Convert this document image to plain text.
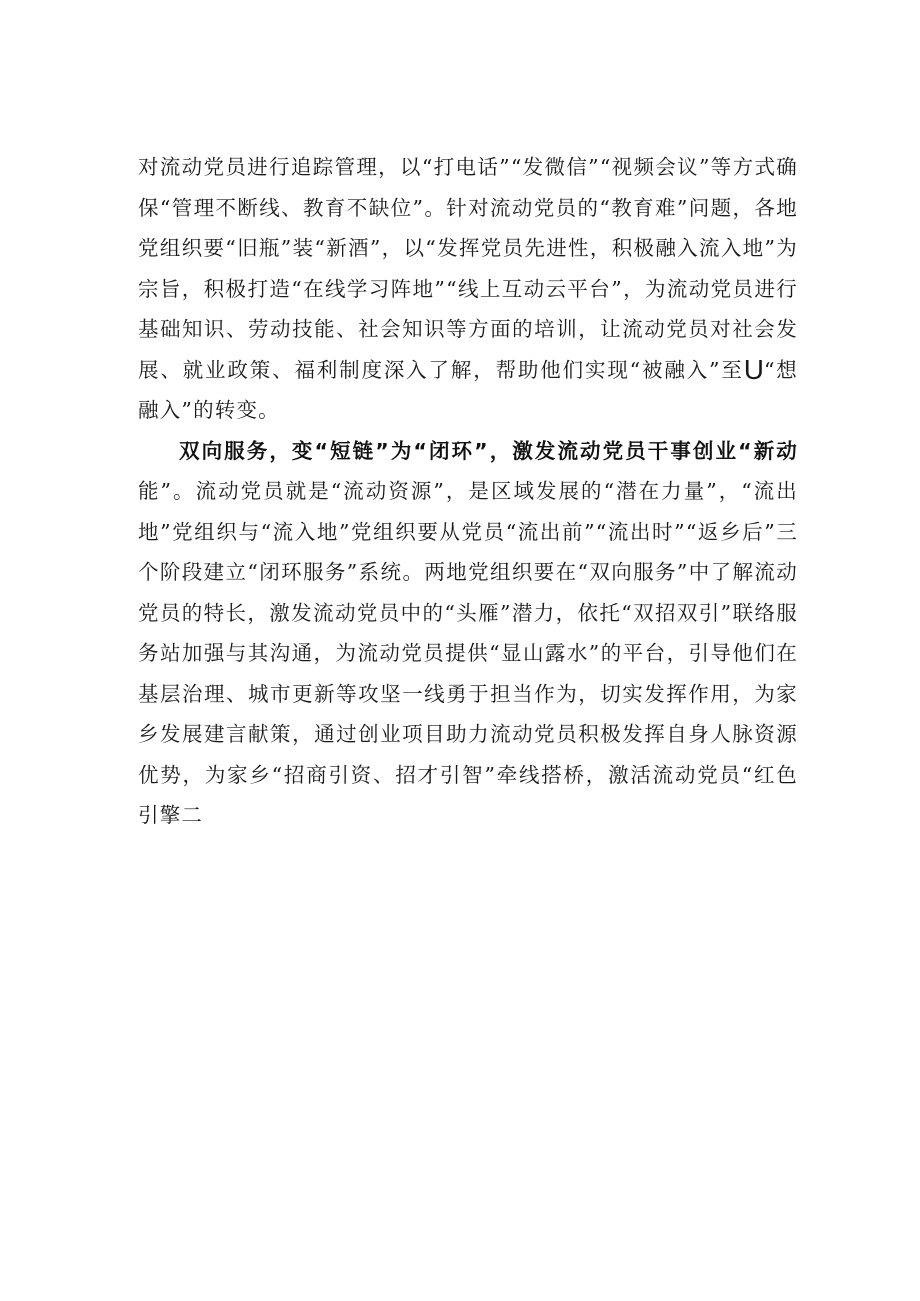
对流动党员进行追踪管理，以“打电话”“发微信”“视频会议”等方式确保“管理不断线、教育不缺位”。针对流动党员的“教育难”问题，各地党组织要“旧瓶”装“新酒”，以“发挥党员先进性，积极融入流入地”为宗旨，积极打造“在线学习阵地”“线上互动云平台”，为流动党员进行基础知识、劳动技能、社会知识等方面的培训，让流动党员对社会发展、就业政策、福利制度深入了解，帮助他们实现“被融入”至U“想融入”的转变。

双向服务，变“短链”为“闭环”，激发流动党员干事创业“新动能”。流动党员就是“流动资源”，是区域发展的“潜在力量”，“流出地”党组织与“流入地”党组织要从党员“流出前”“流出时”“返乡后”三个阶段建立“闭环服务”系统。两地党组织要在“双向服务”中了解流动党员的特长，激发流动党员中的“头雁”潜力，依托“双招双引”联络服务站加强与其沟通，为流动党员提供“显山露水”的平台，引导他们在基层治理、城市更新等攻坚一线勇于担当作为，切实发挥作用，为家乡发展建言献策，通过创业项目助力流动党员积极发挥自身人脉资源优势，为家乡“招商引资、招才引智”牵线搭桥，激活流动党员“红色引擎二
